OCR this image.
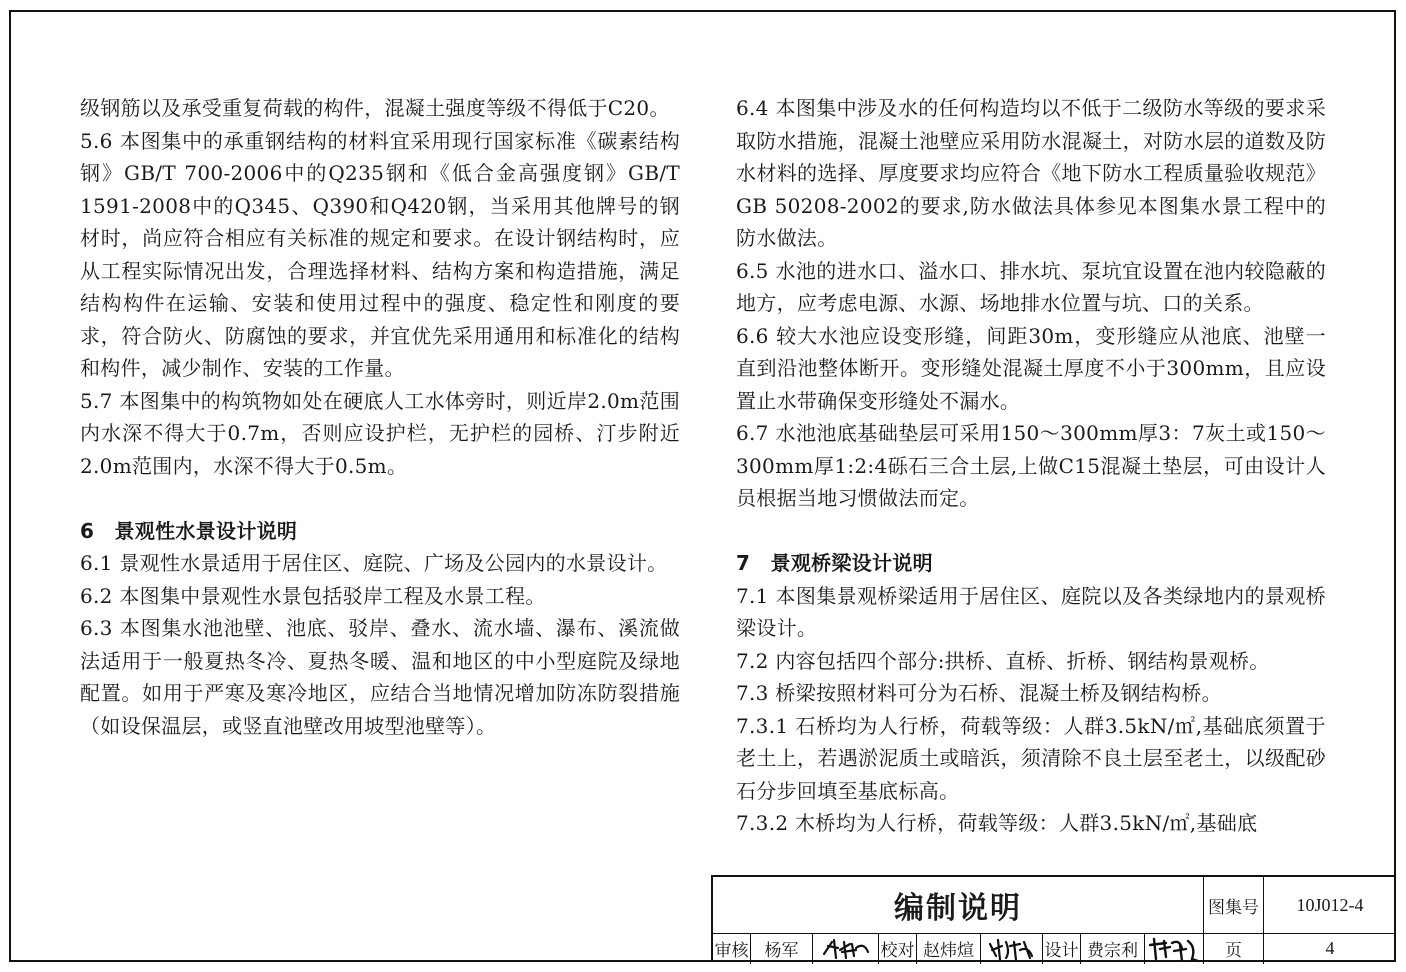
级钢筋以及承受重复荷载的构件，混凝土强度等级不得低于C20。

5.6 本图集中的承重钢结构的材料宜采用现行国家标准《碳素结构钢》GB/T 700-2006中的Q235钢和《低合金高强度钢》GB/T 1591-2008中的Q345、Q390和Q420钢，当采用其他牌号的钢材时，尚应符合相应有关标准的规定和要求。在设计钢结构时，应从工程实际情况出发，合理选择材料、结构方案和构造措施，满足结构构件在运输、安装和使用过程中的强度、稳定性和刚度的要求，符合防火、防腐蚀的要求，并宜优先采用通用和标准化的结构和构件，减少制作、安装的工作量。

5.7 本图集中的构筑物如处在硬底人工水体旁时，则近岸2.0m范围内水深不得大于0.7m，否则应设护栏，无护栏的园桥、汀步附近2.0m范围内，水深不得大于0.5m。

6　景观性水景设计说明

6.1 景观性水景适用于居住区、庭院、广场及公园内的水景设计。

6.2 本图集中景观性水景包括驳岸工程及水景工程。

6.3 本图集水池池壁、池底、驳岸、叠水、流水墙、瀑布、溪流做法适用于一般夏热冬冷、夏热冬暖、温和地区的中小型庭院及绿地配置。如用于严寒及寒冷地区，应结合当地情况增加防冻防裂措施（如设保温层，或竖直池壁改用坡型池壁等）。

6.4 本图集中涉及水的任何构造均以不低于二级防水等级的要求采取防水措施，混凝土池壁应采用防水混凝土，对防水层的道数及防水材料的选择、厚度要求均应符合《地下防水工程质量验收规范》GB 50208-2002的要求,防水做法具体参见本图集水景工程中的防水做法。

6.5 水池的进水口、溢水口、排水坑、泵坑宜设置在池内较隐蔽的地方，应考虑电源、水源、场地排水位置与坑、口的关系。

6.6 较大水池应设变形缝，间距30m，变形缝应从池底、池壁一直到沿池整体断开。变形缝处混凝土厚度不小于300mm，且应设置止水带确保变形缝处不漏水。

6.7 水池池底基础垫层可采用150～300mm厚3：7灰土或150～300mm厚1:2:4砾石三合土层,上做C15混凝土垫层，可由设计人员根据当地习惯做法而定。

7　景观桥梁设计说明

7.1 本图集景观桥梁适用于居住区、庭院以及各类绿地内的景观桥梁设计。

7.2 内容包括四个部分:拱桥、直桥、折桥、钢结构景观桥。

7.3 桥梁按照材料可分为石桥、混凝土桥及钢结构桥。

7.3.1 石桥均为人行桥，荷载等级：人群3.5kN/㎡,基础底须置于老土上，若遇淤泥质土或暗浜，须清除不良土层至老土，以级配砂石分步回填至基底标高。

7.3.2 木桥均为人行桥，荷载等级：人群3.5kN/㎡,基础底

编制说明	图集号	10J012-4
审核 杨军	校对 赵炜煊	设计 费宗利	页	4
